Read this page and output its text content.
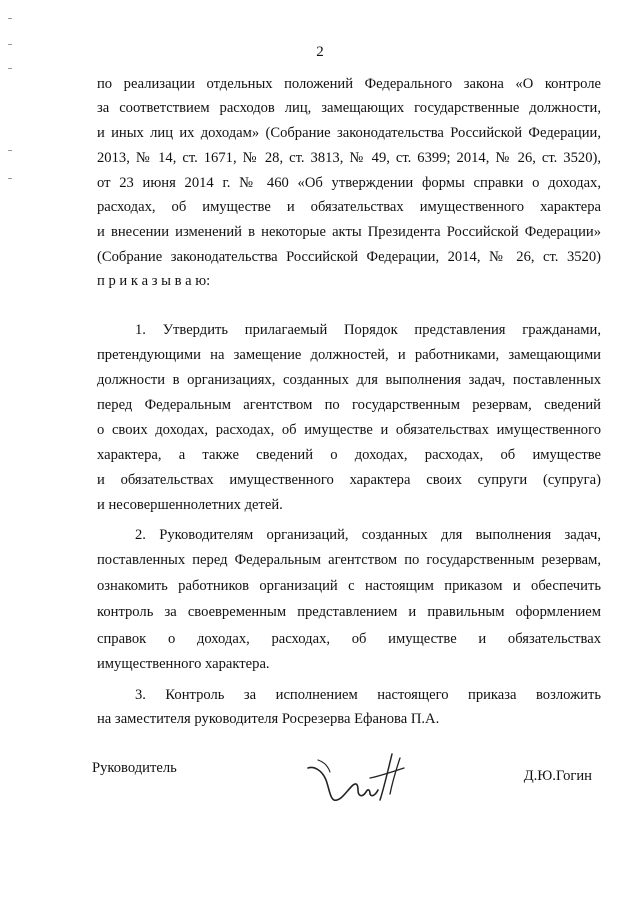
2
по реализации отдельных положений Федерального закона «О контроле
за соответствием расходов лиц, замещающих государственные должности,
и иных лиц их доходам» (Собрание законодательства Российской Федерации,
2013, № 14, ст. 1671, № 28, ст. 3813, № 49, ст. 6399; 2014, № 26, ст. 3520),
от 23 июня 2014 г. № 460 «Об утверждении формы справки о доходах,
расходах, об имуществе и обязательствах имущественного характера
и внесении изменений в некоторые акты Президента Российской Федерации»
(Собрание законодательства Российской Федерации, 2014, № 26, ст. 3520)
п р и к а з ы в а ю:
1. Утвердить прилагаемый Порядок представления гражданами,
претендующими на замещение должностей, и работниками, замещающими
должности в организациях, созданных для выполнения задач, поставленных
перед Федеральным агентством по государственным резервам, сведений
о своих доходах, расходах, об имуществе и обязательствах имущественного
характера, а также сведений о доходах, расходах, об имуществе
и обязательствах имущественного характера своих супруги (супруга)
и несовершеннолетних детей.
2. Руководителям организаций, созданных для выполнения задач,
поставленных перед Федеральным агентством по государственным резервам,
ознакомить работников организаций с настоящим приказом и обеспечить
контроль за своевременным представлением и правильным оформлением
справок о доходах, расходах, об имуществе и обязательствах
имущественного характера.
3. Контроль за исполнением настоящего приказа возложить
на заместителя руководителя Росрезерва Ефанова П.А.
Руководитель	Д.Ю.Гогин
